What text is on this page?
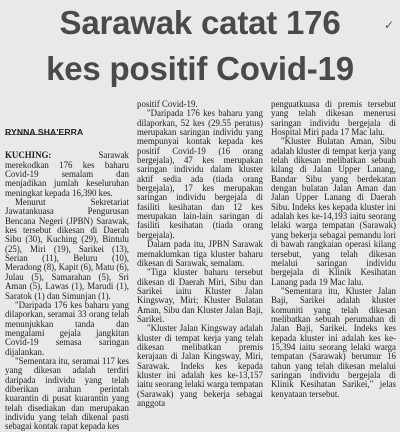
Sarawak catat 176
kes positif Covid-19
✓

RYNNA SHA'ERRA

KUCHING: Sarawak merekodkan 176 kes baharu Covid-19 semalam dan menjadikan jumlah keseluruhan meningkat kepada 16,390 kes.

Menurut Sekretariat Jawatankuasa Pengurusan Bencana Negeri (JPBN) Sarawak, kes tersebut dikesan di Daerah Sibu (30), Kuching (29), Bintulu (25), Miri (19), Sarikei (13), Serian (11), Beluru (10), Meradong (8), Kapit (6), Matu (6), Julau (5), Samarahan (5), Sri Aman (5), Lawas (1), Marudi (1), Saratok (1) dan Simunjan (1).

"Daripada 176 kes baharu yang dilaporkan, seramai 33 orang telah menunjukkan tanda dan mengalami gejala jangkitan Covid-19 semasa saringan dijalankan.

"Sementara itu, seramai 117 kes yang dikesan adalah terdiri daripada individu yang telah diberikan arahan perintah kuarantin di pusat kuarantin yang telah disediakan dan merupakan individu yang telah dikenal pasti sebagai kontak rapat kepada kes

positif Covid-19.

"Daripada 176 kes baharu yang dilaporkan, 52 kes (29.55 peratus) merupakan saringan individu yang mempunyai kontak kepada kes positif Covid-19 (16 orang bergejala), 47 kes merupakan saringan individu dalam kluster aktif sedia ada (tiada orang bergejala), 17 kes merupakan saringan individu bergejala di fasiliti kesihatan dan 12 kes merupakan lain-lain saringan di fasiliti kesihatan (tiada orang bergejala).

Dalam pada itu, JPBN Sarawak memaklumkan tiga kluster baharu dikesan di Sarawak, semalam.

"Tiga kluster baharu tersebut dikesan di Daerah Miri, Sibu dan Sarikei iaitu Kluster Jalan Kingsway, Miri; Kluster Bulatan Aman, Sibu dan Kluster Jalan Baji, Sarikei.

"Kluster Jalan Kingsway adalah kluster di tempat kerja yang telah dikesan melibatkan premis kerajaan di Jalan Kingsway, Miri, Sarawak. Indeks kes kepada kluster ini adalah kes ke-13,157 iaitu seorang lelaki warga tempatan (Sarawak) yang bekerja sebagai anggota

penguatkuasa di premis tersebut yang telah dikesan menerusi saringan individu bergejala di Hospital Miri pada 17 Mac lalu.

"Kluster Bulatan Aman, Sibu adalah kluster di tempat kerja yang telah dikesan melibatkan sebuah kilang di Jalan Upper Lanang, Bandar Sibu yang berdekatan dengan bulatan Jalan Aman dan Jalan Upper Lanang di Daerah Sibu. Indeks kes kepada kluster ini adalah kes ke-14,193 iaitu seorang lelaki warga tempatan (Sarawak) yang bekerja sebagai pemandu lori di bawah rangkaian operasi kilang tersebut, yang telah dikesan melalui saringan individu bergejala di Klinik Kesihatan Lanang pada 19 Mac lalu.

"Sementara itu, Kluster Jalan Baji, Sarikei adalah kluster komuniti yang telah dikesan melibatkan sebuah perumahan di Jalan Baji, Sarikei. Indeks kes kepada kluster ini adalah kes ke-15,394 iaitu seorang lelaki warga tempatan (Sarawak) berumur 16 tahun yang telah dikesan melalui saringan individu bergejala di Klinik Kesihatan Sarikei," jelas kenyataan tersebut.
